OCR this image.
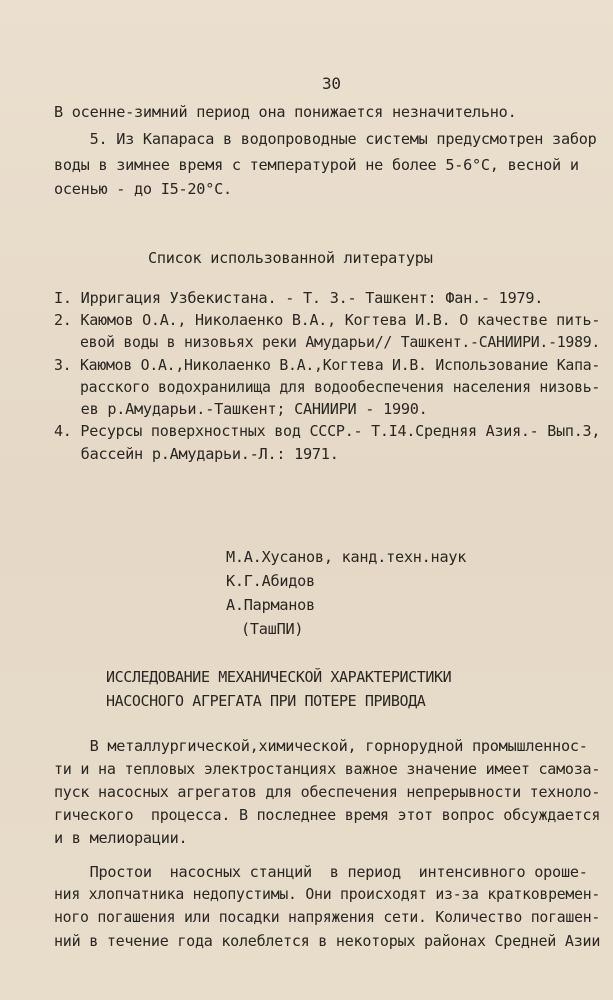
30
В осенне-зимний период она понижается незначительно.
5. Из Капараса в водопроводные системы предусмотрен забор
воды в зимнее время с температурой не более 5-6°С, весной и
осенью - до I5-20°С.
Список использованной литературы
I. Ирригация Узбекистана. - Т. 3.- Ташкент: Фан.- 1979.
2. Каюмов О.А., Николаенко В.А., Когтева И.В. О качестве пить-
евой воды в низовьях реки Амударьи// Ташкент.-САНИИРИ.-1989.
3. Каюмов О.А.,Николаенко В.А.,Когтева И.В. Использование Капа-
расского водохранилища для водообеспечения населения низовь-
ев р.Амударьи.-Ташкент; САНИИРИ - 1990.
4. Ресурсы поверхностных вод СССР.- Т.I4.Средняя Азия.- Вып.3,
бассейн р.Амударьи.-Л.: 1971.
М.А.Хусанов, канд.техн.наук
К.Г.Абидов
А.Парманов
(ТашПИ)
ИССЛЕДОВАНИЕ МЕХАНИЧЕСКОЙ ХАРАКТЕРИСТИКИ
НАСОСНОГО АГРЕГАТА ПРИ ПОТЕРЕ ПРИВОДА
В металлургической,химической, горнорудной промышленнос-
ти и на тепловых электростанциях важное значение имеет самоза-
пуск насосных агрегатов для обеспечения непрерывности техноло-
гического  процесса. В последнее время этот вопрос обсуждается
и в мелиорации.
Простои  насосных станций  в период  интенсивного ороше-
ния хлопчатника недопустимы. Они происходят из-за кратковремен-
ного погашения или посадки напряжения сети. Количество погашен-
ний в течение года колеблется в некоторых районах Средней Азии
